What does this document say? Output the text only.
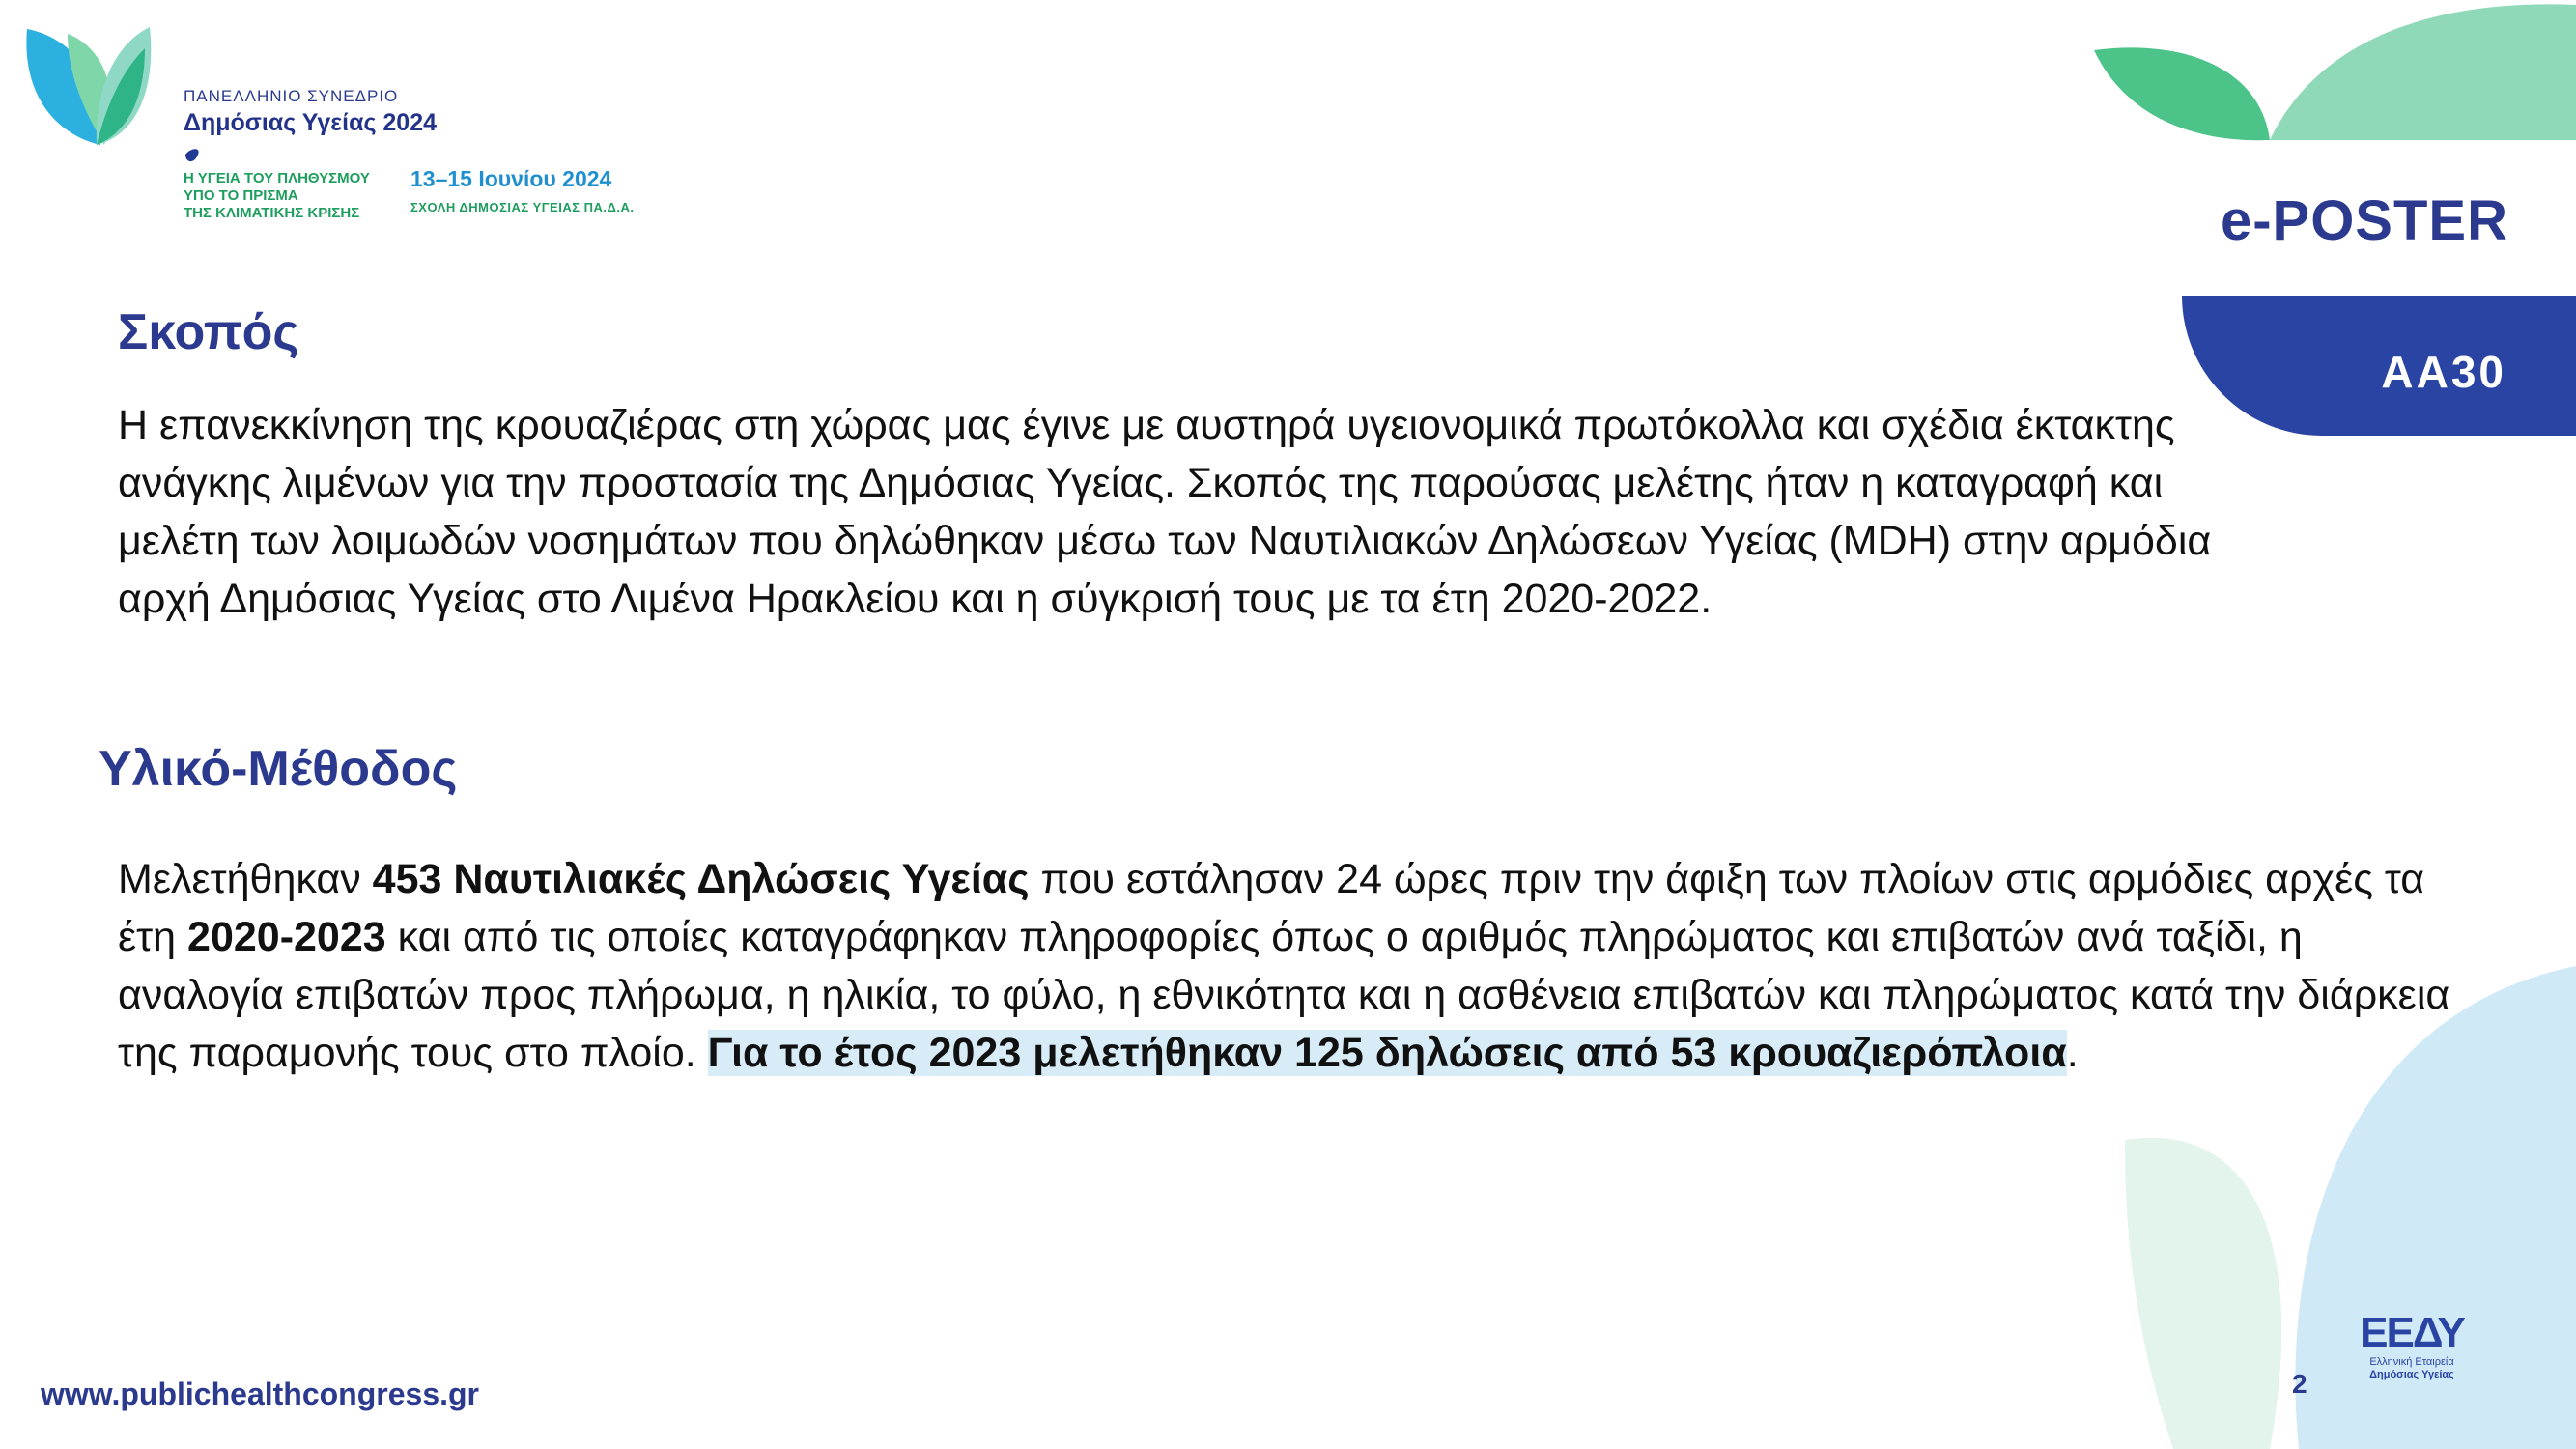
ΠΑΝΕΛΛΗΝΙΟ ΣΥΝΕΔΡΙΟ
Δημόσιας Υγείας 2024
Η ΥΓΕΙΑ ΤΟΥ ΠΛΗΘΥΣΜΟΥ
ΥΠΟ ΤΟ ΠΡΙΣΜΑ
ΤΗΣ ΚΛΙΜΑΤΙΚΗΣ ΚΡΙΣΗΣ
13–15 Ιουνίου 2024
ΣΧΟΛΗ ΔΗΜΟΣΙΑΣ ΥΓΕΙΑΣ ΠΑ.Δ.Α.	e-POSTER
ΑΑ30
Σκοπός
Η επανεκκίνηση της κρουαζιέρας στη χώρας μας έγινε με αυστηρά υγειονομικά πρωτόκολλα και σχέδια έκτακτης ανάγκης λιμένων για την προστασία της Δημόσιας Υγείας. Σκοπός της παρούσας μελέτης ήταν η καταγραφή και μελέτη των λοιμωδών νοσημάτων που δηλώθηκαν μέσω των Ναυτιλιακών Δηλώσεων Υγείας (MDH) στην αρμόδια αρχή Δημόσιας Υγείας στο Λιμένα Ηρακλείου και η σύγκρισή τους με τα έτη 2020-2022.
Υλικό-Μέθοδος
Μελετήθηκαν 453 Ναυτιλιακές Δηλώσεις Υγείας που εστάλησαν 24 ώρες πριν την άφιξη των πλοίων στις αρμόδιες αρχές τα έτη 2020-2023 και από τις οποίες καταγράφηκαν πληροφορίες όπως ο αριθμός πληρώματος και επιβατών ανά ταξίδι, η αναλογία επιβατών προς πλήρωμα, η ηλικία, το φύλο, η εθνικότητα και η ασθένεια επιβατών και πληρώματος κατά την διάρκεια της παραμονής τους στο πλοίο. Για το έτος 2023 μελετήθηκαν 125 δηλώσεις από 53 κρουαζιερόπλοια.
www.publichealthcongress.gr	2
ΕΕΔΥ
Ελληνική Εταιρεία
Δημόσιας Υγείας
